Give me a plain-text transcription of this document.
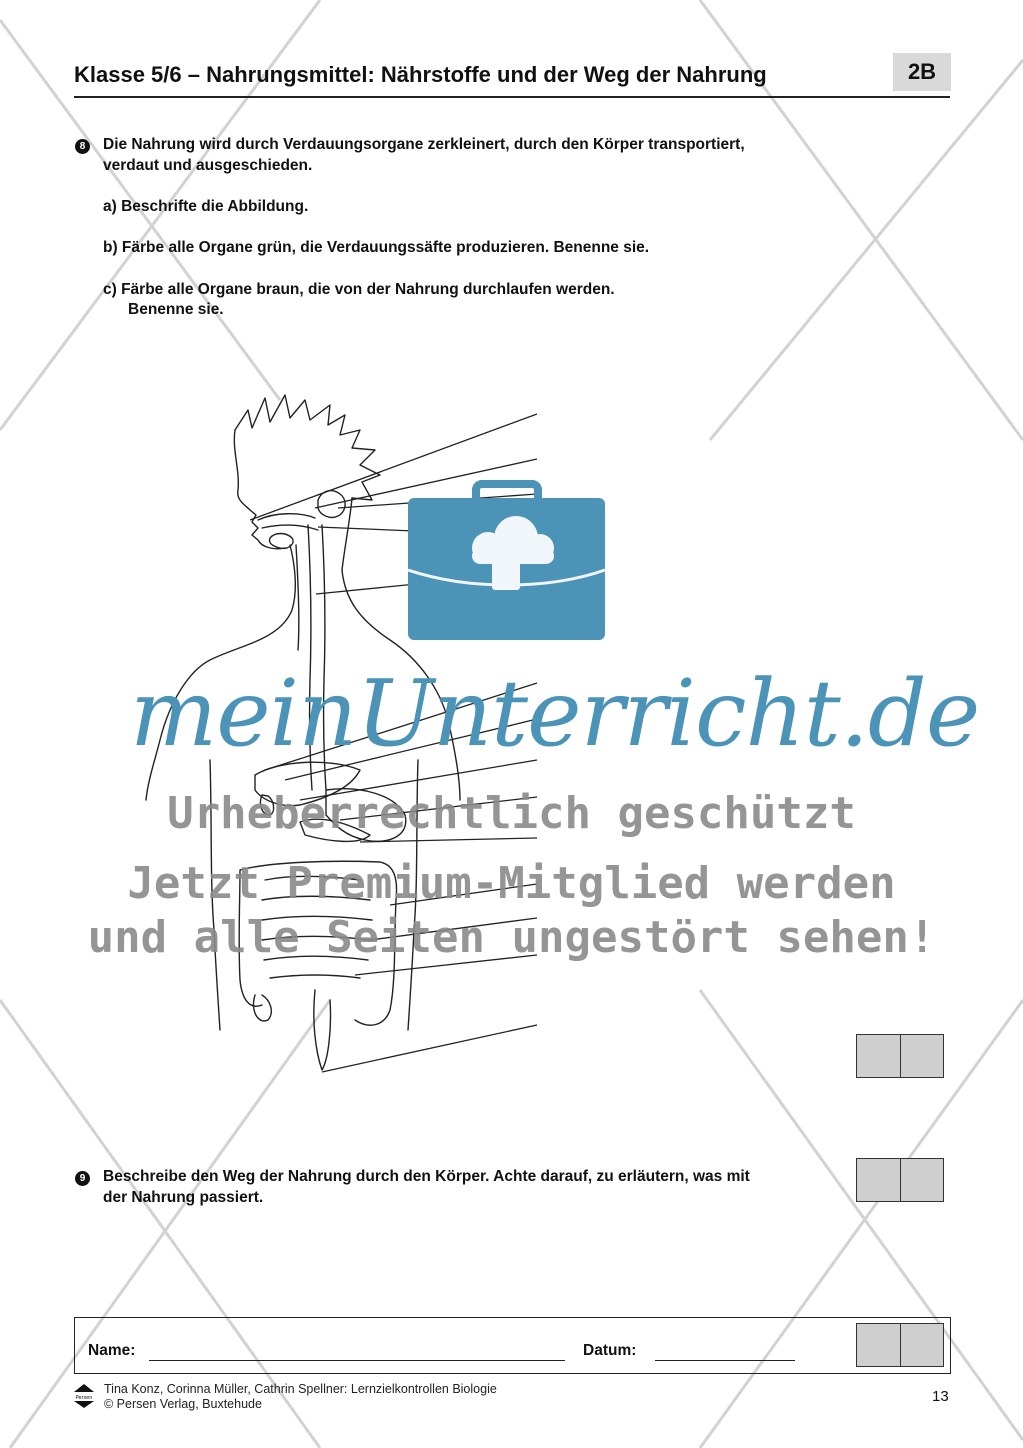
Klasse 5/6 – Nahrungsmittel: Nährstoffe und der Weg der Nahrung	2B
8	Die Nahrung wird durch Verdauungsorgane zerkleinert, durch den Körper transportiert,
verdaut und ausgeschieden.
a) Beschrifte die Abbildung.
b) Färbe alle Organe grün, die Verdauungssäfte produzieren. Benenne sie.
c) Färbe alle Organe braun, die von der Nahrung durchlaufen werden.
Benenne sie.
meinUnterricht.de
Urheberrechtlich geschützt
Jetzt Premium-Mitglied werden
und alle Seiten ungestört sehen!
9	Beschreibe den Weg der Nahrung durch den Körper. Achte darauf, zu erläutern, was mit
der Nahrung passiert.
Name:	Datum:
Persen
Tina Konz, Corinna Müller, Cathrin Spellner: Lernzielkontrollen Biologie
© Persen Verlag, Buxtehude	13
